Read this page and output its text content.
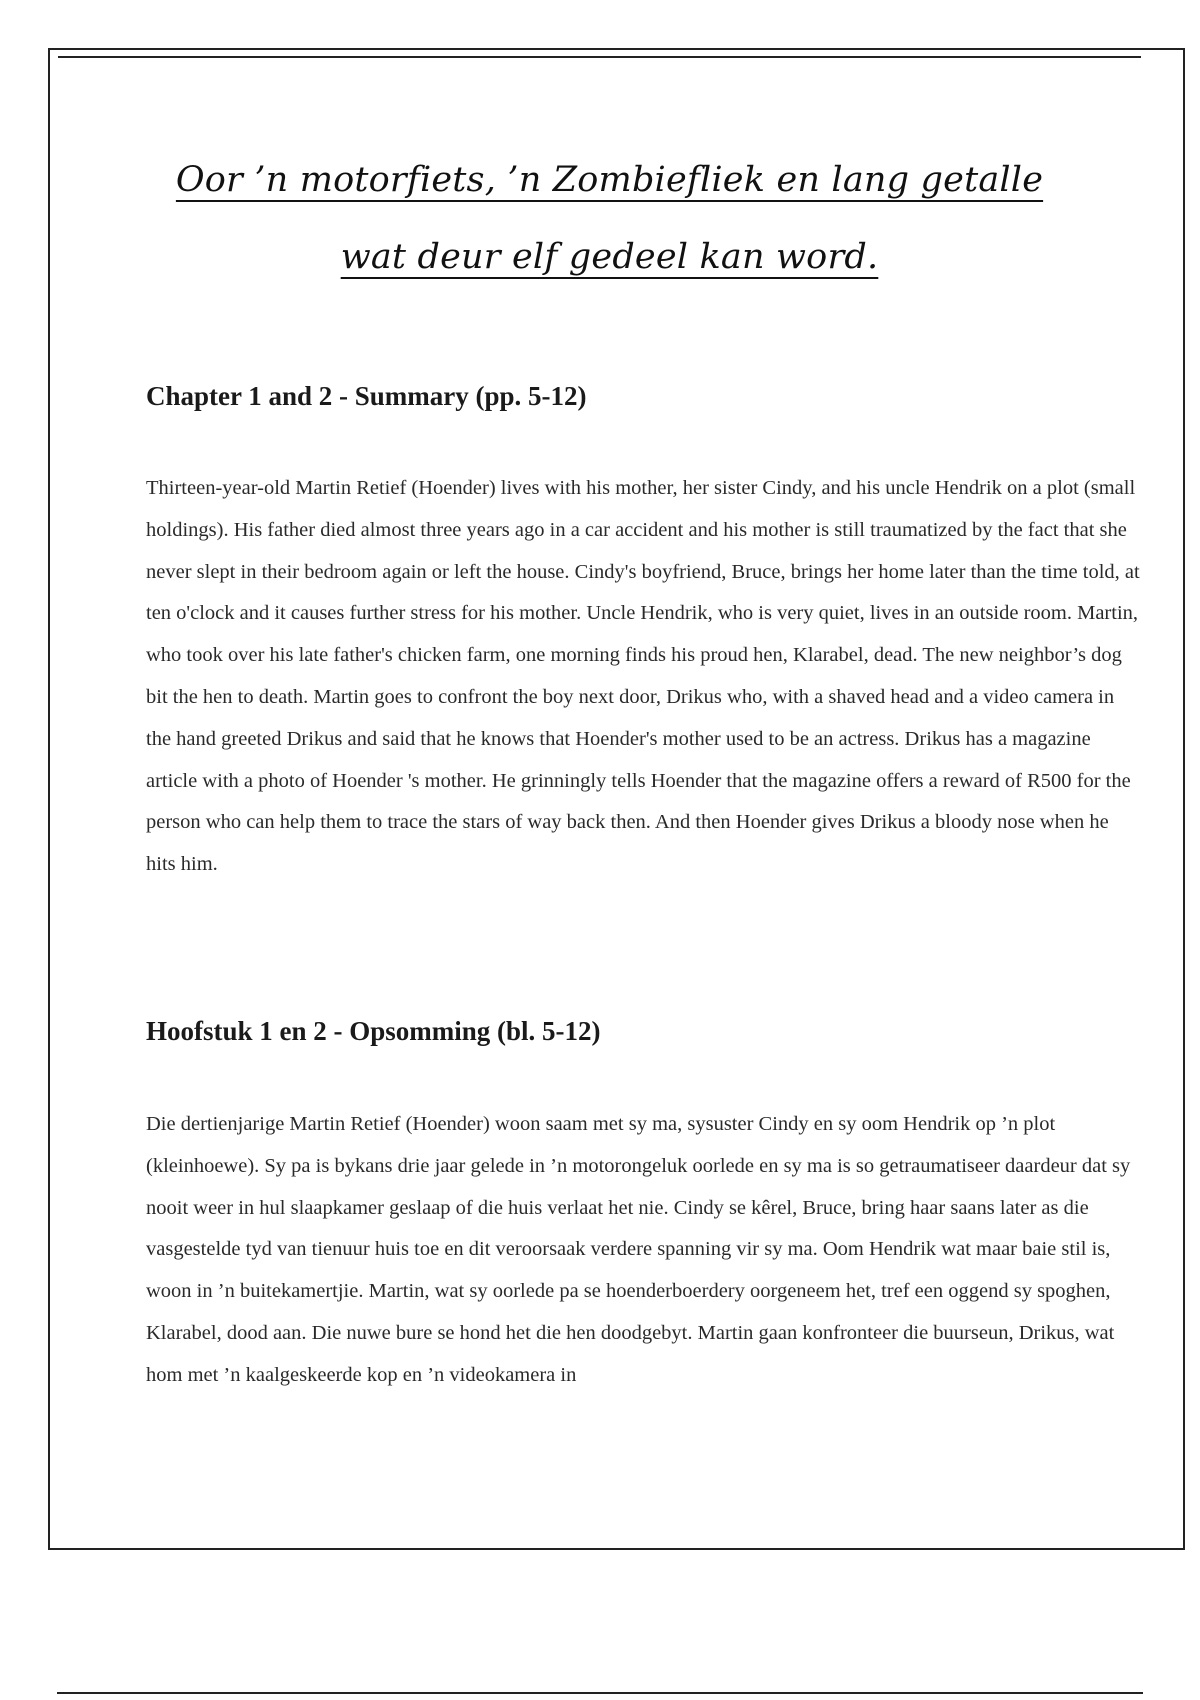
Oor ’n motorfiets, ’n Zombiefliek en lang getalle wat deur elf gedeel kan word.
Chapter 1 and 2 - Summary (pp. 5-12)

Thirteen-year-old Martin Retief (Hoender) lives with his mother, her sister Cindy, and his uncle Hendrik on a plot (small holdings). His father died almost three years ago in a car accident and his mother is still traumatized by the fact that she never slept in their bedroom again or left the house. Cindy's boyfriend, Bruce, brings her home later than the time told, at ten o'clock and it causes further stress for his mother. Uncle Hendrik, who is very quiet, lives in an outside room. Martin, who took over his late father's chicken farm, one morning finds his proud hen, Klarabel, dead. The new neighbor’s dog bit the hen to death. Martin goes to confront the boy next door, Drikus who, with a shaved head and a video camera in the hand greeted Drikus and said that he knows that Hoender's mother used to be an actress. Drikus has a magazine article with a photo of Hoender 's mother. He grinningly tells Hoender that the magazine offers a reward of R500 for the person who can help them to trace the stars of way back then. And then Hoender gives Drikus a bloody nose when he hits him.

Hoofstuk 1 en 2 - Opsomming (bl. 5-12)

Die dertienjarige Martin Retief (Hoender) woon saam met sy ma, sysuster Cindy en sy oom Hendrik op ’n plot (kleinhoewe). Sy pa is bykans drie jaar gelede in ’n motorongeluk oorlede en sy ma is so getraumatiseer daardeur dat sy nooit weer in hul slaapkamer geslaap of die huis verlaat het nie. Cindy se kêrel, Bruce, bring haar saans later as die vasgestelde tyd van tienuur huis toe en dit veroorsaak verdere spanning vir sy ma. Oom Hendrik wat maar baie stil is, woon in ’n buitekamertjie. Martin, wat sy oorlede pa se hoenderboerdery oorgeneem het, tref een oggend sy spoghen, Klarabel, dood aan. Die nuwe bure se hond het die hen doodgebyt. Martin gaan konfronteer die buurseun, Drikus, wat hom met ’n kaalgeskeerde kop en ’n videokamera in
